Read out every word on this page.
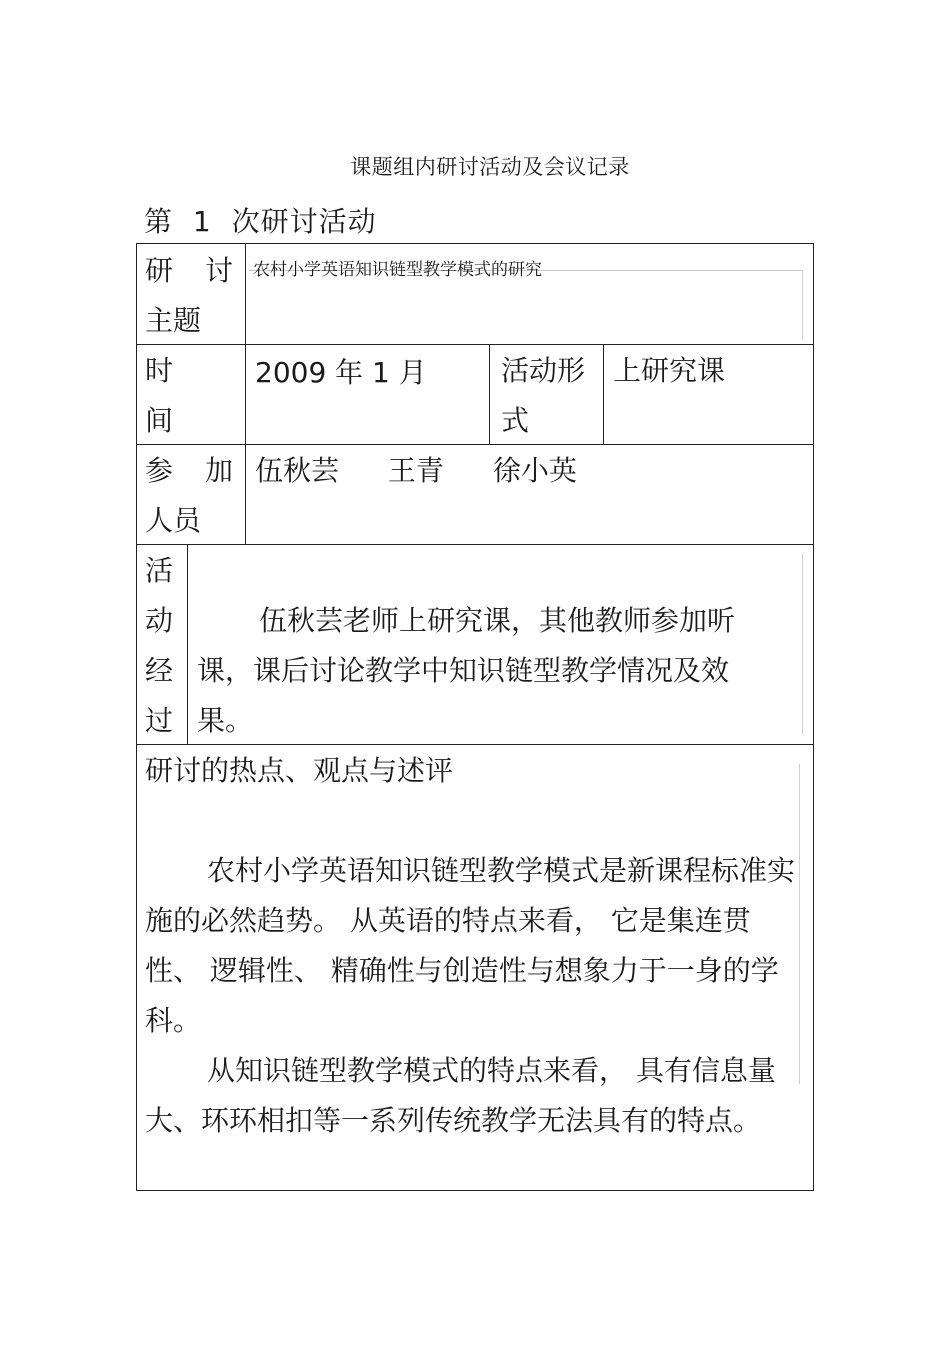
课题组内研讨活动及会议记录
第 1 次研讨活动
研 讨
主题
农村小学英语知识链型教学模式的研究
时
间
2009 年 1 月	活动形
式
上研究课
参 加
人员
伍秋芸 王青 徐小英
活
动
经
过
伍秋芸老师上研究课，其他教师参加听课，课后讨论教学中知识链型教学情况及效果。
研讨的热点、观点与述评
农村小学英语知识链型教学模式是新课程标准实施的必然趋势。 从英语的特点来看， 它是集连贯性、 逻辑性、 精确性与创造性与想象力于一身的学科。
从知识链型教学模式的特点来看， 具有信息量大、环环相扣等一系列传统教学无法具有的特点。
